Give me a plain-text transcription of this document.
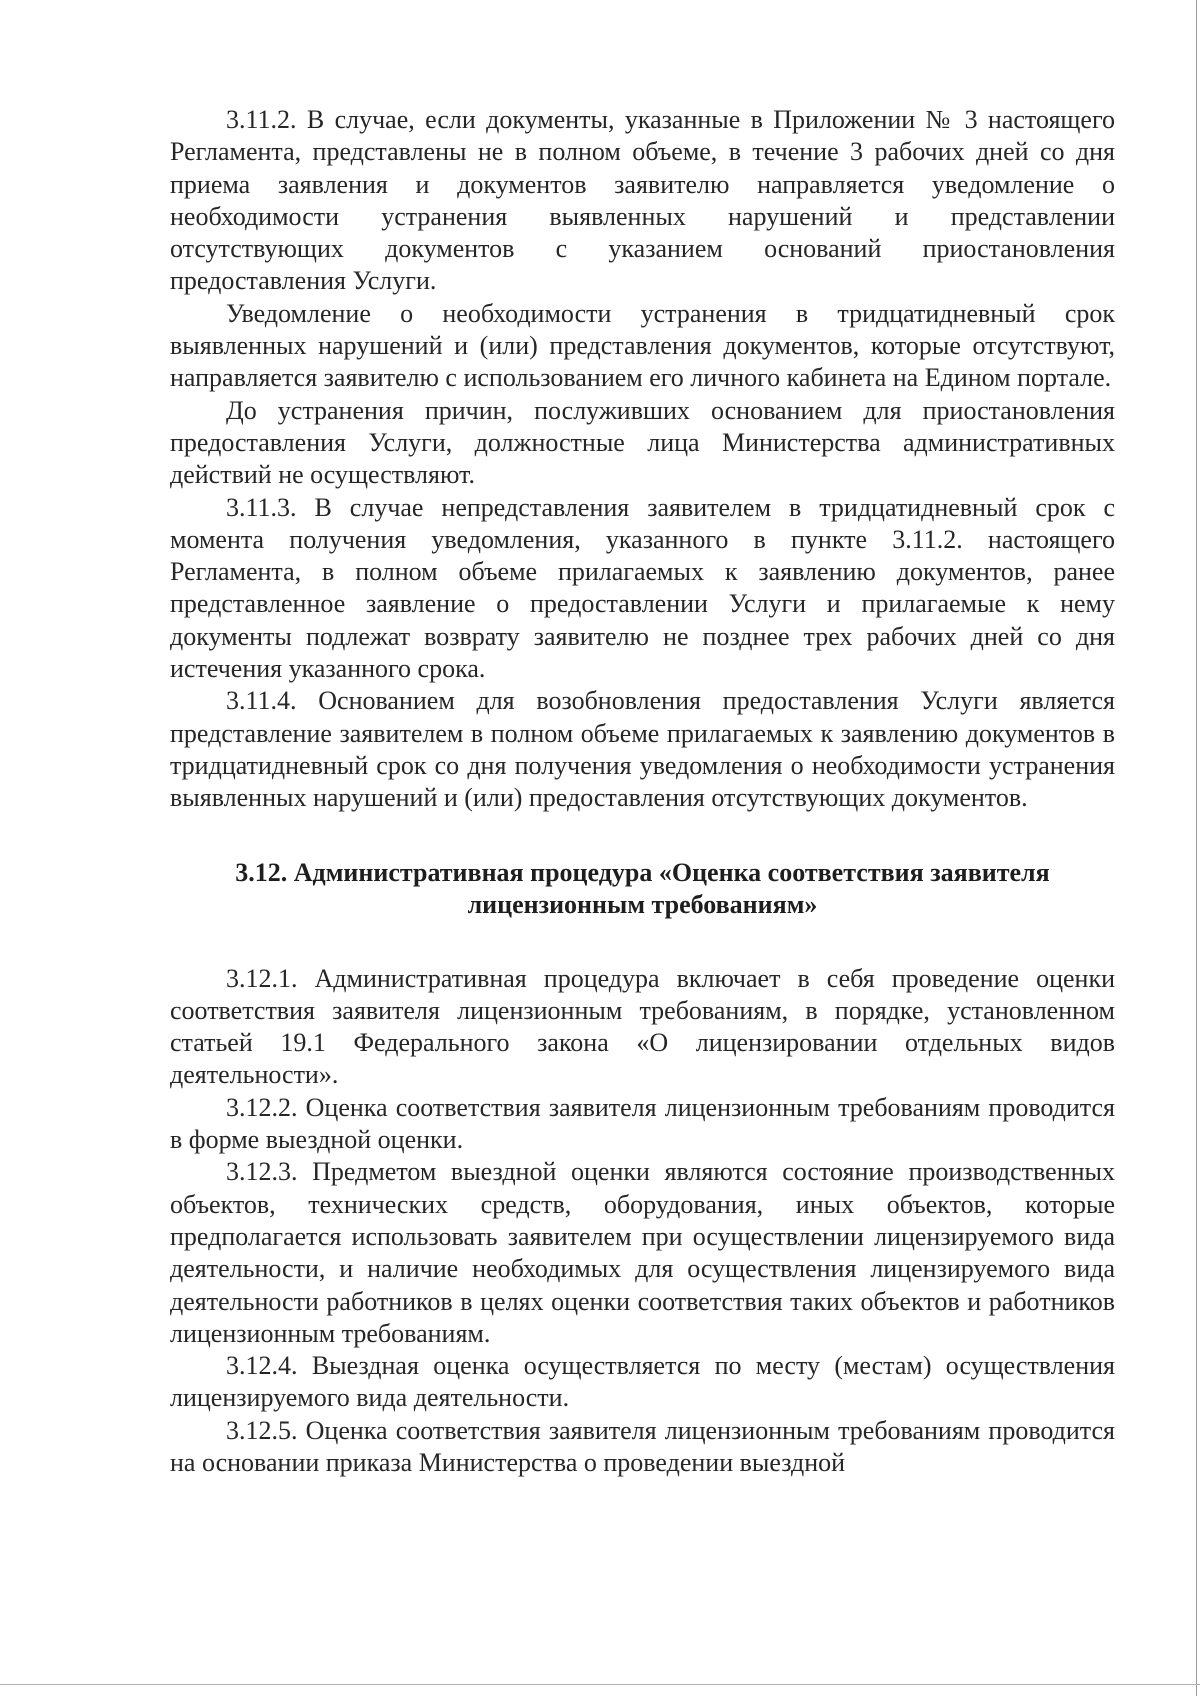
3.11.2. В случае, если документы, указанные в Приложении № 3 настоящего Регламента, представлены не в полном объеме, в течение 3 рабочих дней со дня приема заявления и документов заявителю направляется уведомление о необходимости устранения выявленных нарушений и представлении отсутствующих документов с указанием оснований приостановления предоставления Услуги.

Уведомление о необходимости устранения в тридцатидневный срок выявленных нарушений и (или) представления документов, которые отсутствуют, направляется заявителю с использованием его личного кабинета на Едином портале.

До устранения причин, послуживших основанием для приостановления предоставления Услуги, должностные лица Министерства административных действий не осуществляют.

3.11.3. В случае непредставления заявителем в тридцатидневный срок с момента получения уведомления, указанного в пункте 3.11.2. настоящего Регламента, в полном объеме прилагаемых к заявлению документов, ранее представленное заявление о предоставлении Услуги и прилагаемые к нему документы подлежат возврату заявителю не позднее трех рабочих дней со дня истечения указанного срока.

3.11.4. Основанием для возобновления предоставления Услуги является представление заявителем в полном объеме прилагаемых к заявлению документов в тридцатидневный срок со дня получения уведомления о необходимости устранения выявленных нарушений и (или) предоставления отсутствующих документов.

3.12. Административная процедура «Оценка соответствия заявителя
лицензионным требованиям»

3.12.1. Административная процедура включает в себя проведение оценки соответствия заявителя лицензионным требованиям, в порядке, установленном статьей 19.1 Федерального закона «О лицензировании отдельных видов деятельности».

3.12.2. Оценка соответствия заявителя лицензионным требованиям проводится в форме выездной оценки.

3.12.3. Предметом выездной оценки являются состояние производственных объектов, технических средств, оборудования, иных объектов, которые предполагается использовать заявителем при осуществлении лицензируемого вида деятельности, и наличие необходимых для осуществления лицензируемого вида деятельности работников в целях оценки соответствия таких объектов и работников лицензионным требованиям.

3.12.4. Выездная оценка осуществляется по месту (местам) осуществления лицензируемого вида деятельности.

3.12.5. Оценка соответствия заявителя лицензионным требованиям проводится на основании приказа Министерства о проведении выездной
